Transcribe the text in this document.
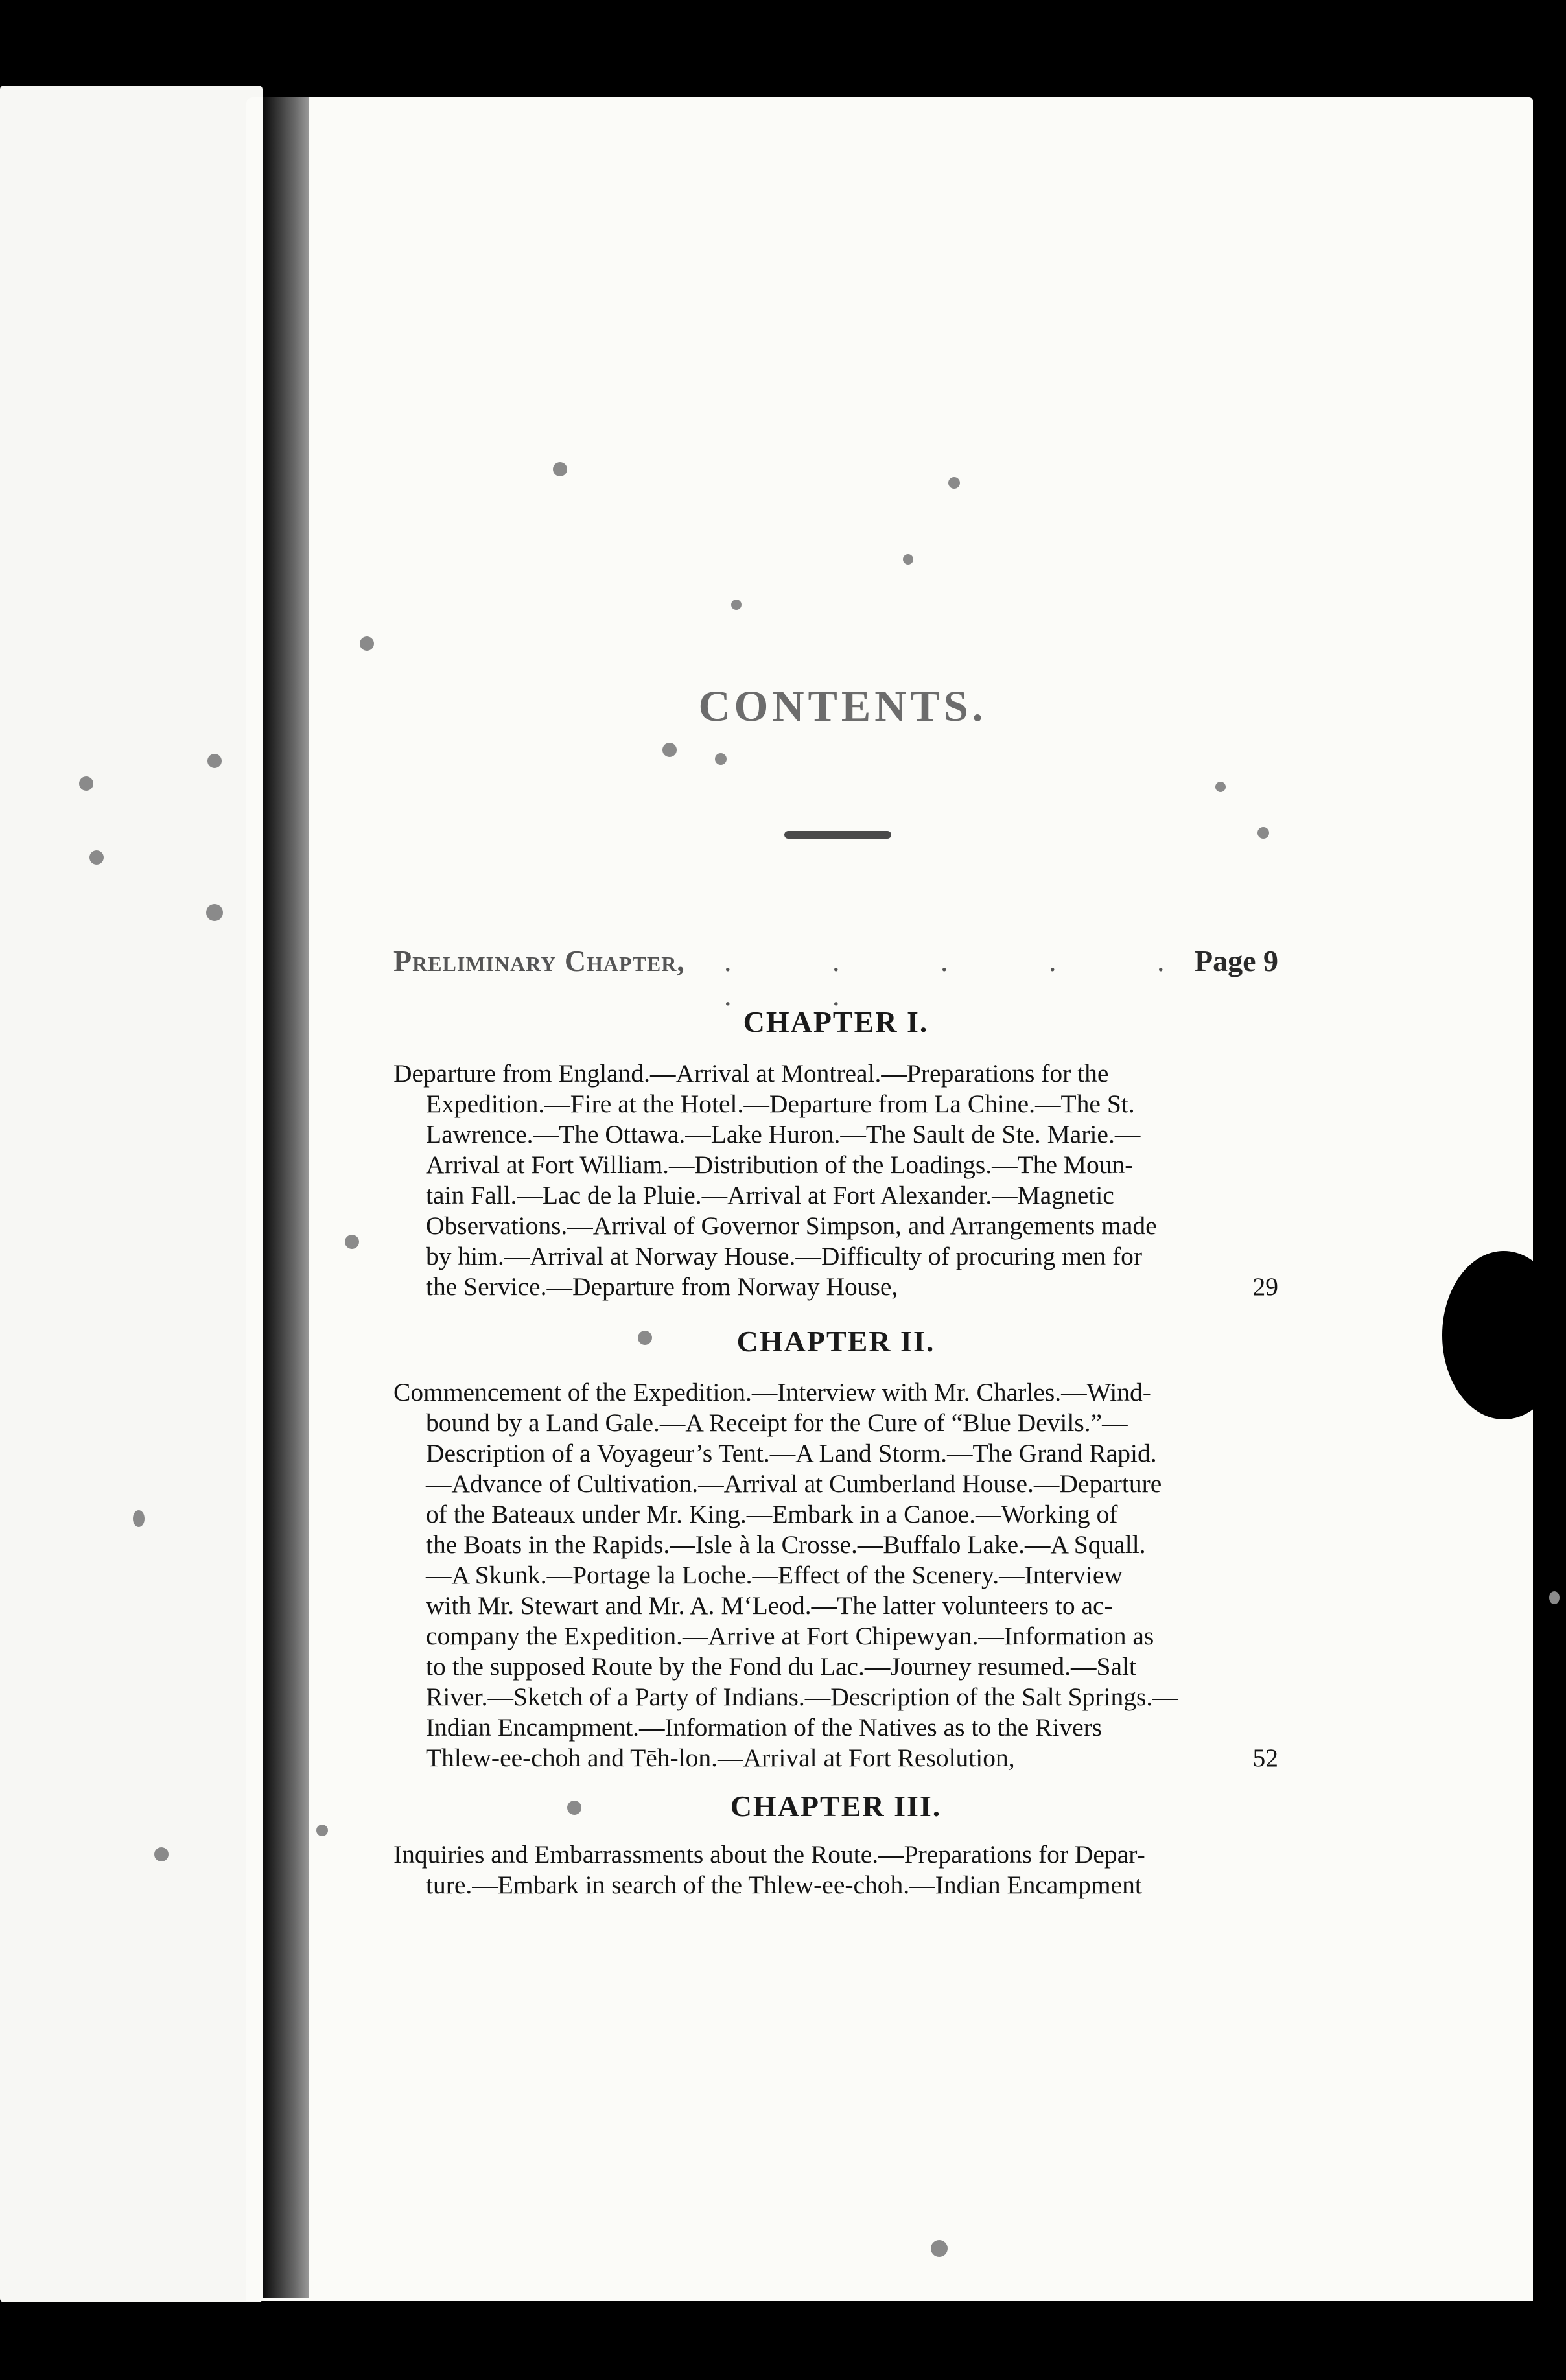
CONTENTS.
Preliminary Chapter, . . . . . . .
Page 9
CHAPTER I.
Departure from England.—Arrival at Montreal.—Preparations for the
Expedition.—Fire at the Hotel.—Departure from La Chine.—The St.
Lawrence.—The Ottawa.—Lake Huron.—The Sault de Ste. Marie.—
Arrival at Fort William.—Distribution of the Loadings.—The Moun-
tain Fall.—Lac de la Pluie.—Arrival at Fort Alexander.—Magnetic
Observations.—Arrival of Governor Simpson, and Arrangements made
by him.—Arrival at Norway House.—Difficulty of procuring men for
the Service.—Departure from Norway House,	29
CHAPTER II.
Commencement of the Expedition.—Interview with Mr. Charles.—Wind-
bound by a Land Gale.—A Receipt for the Cure of “Blue Devils.”—
Description of a Voyageur’s Tent.—A Land Storm.—The Grand Rapid.
—Advance of Cultivation.—Arrival at Cumberland House.—Departure
of the Bateaux under Mr. King.—Embark in a Canoe.—Working of
the Boats in the Rapids.—Isle à la Crosse.—Buffalo Lake.—A Squall.
—A Skunk.—Portage la Loche.—Effect of the Scenery.—Interview
with Mr. Stewart and Mr. A. M‘Leod.—The latter volunteers to ac-
company the Expedition.—Arrive at Fort Chipewyan.—Information as
to the supposed Route by the Fond du Lac.—Journey resumed.—Salt
River.—Sketch of a Party of Indians.—Description of the Salt Springs.—
Indian Encampment.—Information of the Natives as to the Rivers
Thlew-ee-choh and Tēh-lon.—Arrival at Fort Resolution,	52
CHAPTER III.
Inquiries and Embarrassments about the Route.—Preparations for Depar-
ture.—Embark in search of the Thlew-ee-choh.—Indian Encampment
